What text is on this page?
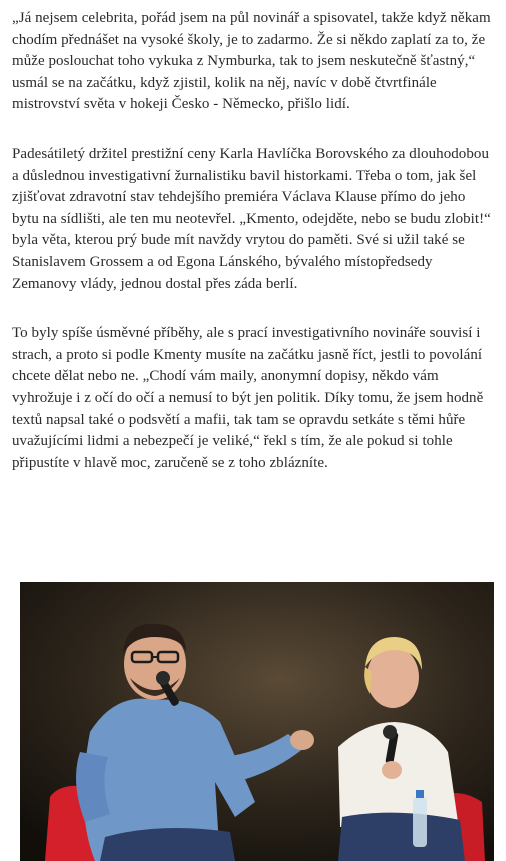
„Já nejsem celebrita, pořád jsem na půl novinář a spisovatel, takže když někam chodím přednášet na vysoké školy, je to zadarmo. Že si někdo zaplatí za to, že může poslouchat toho vykuka z Nymburka, tak to jsem neskutečně šťastný,“ usmál se na začátku, když zjistil, kolik na něj, navíc v době čtvrtfinále mistrovství světa v hokeji Česko - Německo, přišlo lidí.

Padesátiletý držitel prestižní ceny Karla Havlíčka Borovského za dlouhodobou a důslednou investigativní žurnalistiku bavil historkami. Třeba o tom, jak šel zjišťovat zdravotní stav tehdejšího premiéra Václava Klause přímo do jeho bytu na sídlišti, ale ten mu neotevřel. „Kmento, odejděte, nebo se budu zlobit!“ byla věta, kterou prý bude mít navždy vrytou do paměti. Své si užil také se Stanislavem Grossem a od Egona Lánského, bývalého místopředsedy Zemanovy vlády, jednou dostal přes záda berlí.

To byly spíše úsměvné příběhy, ale s prací investigativního novináře souvisí i strach, a proto si podle Kmenty musíte na začátku jasně říct, jestli to povolání chcete dělat nebo ne. „Chodí vám maily, anonymní dopisy, někdo vám vyhrožuje i z očí do očí a nemusí to být jen politik. Díky tomu, že jsem hodně textů napsal také o podsvětí a mafii, tak tam se opravdu setkáte s těmi hůře uvažujícími lidmi a nebezpečí je veliké,“ řekl s tím, že ale pokud si tohle připustíte v hlavě moc, zaručeně se z toho zblázníte.
